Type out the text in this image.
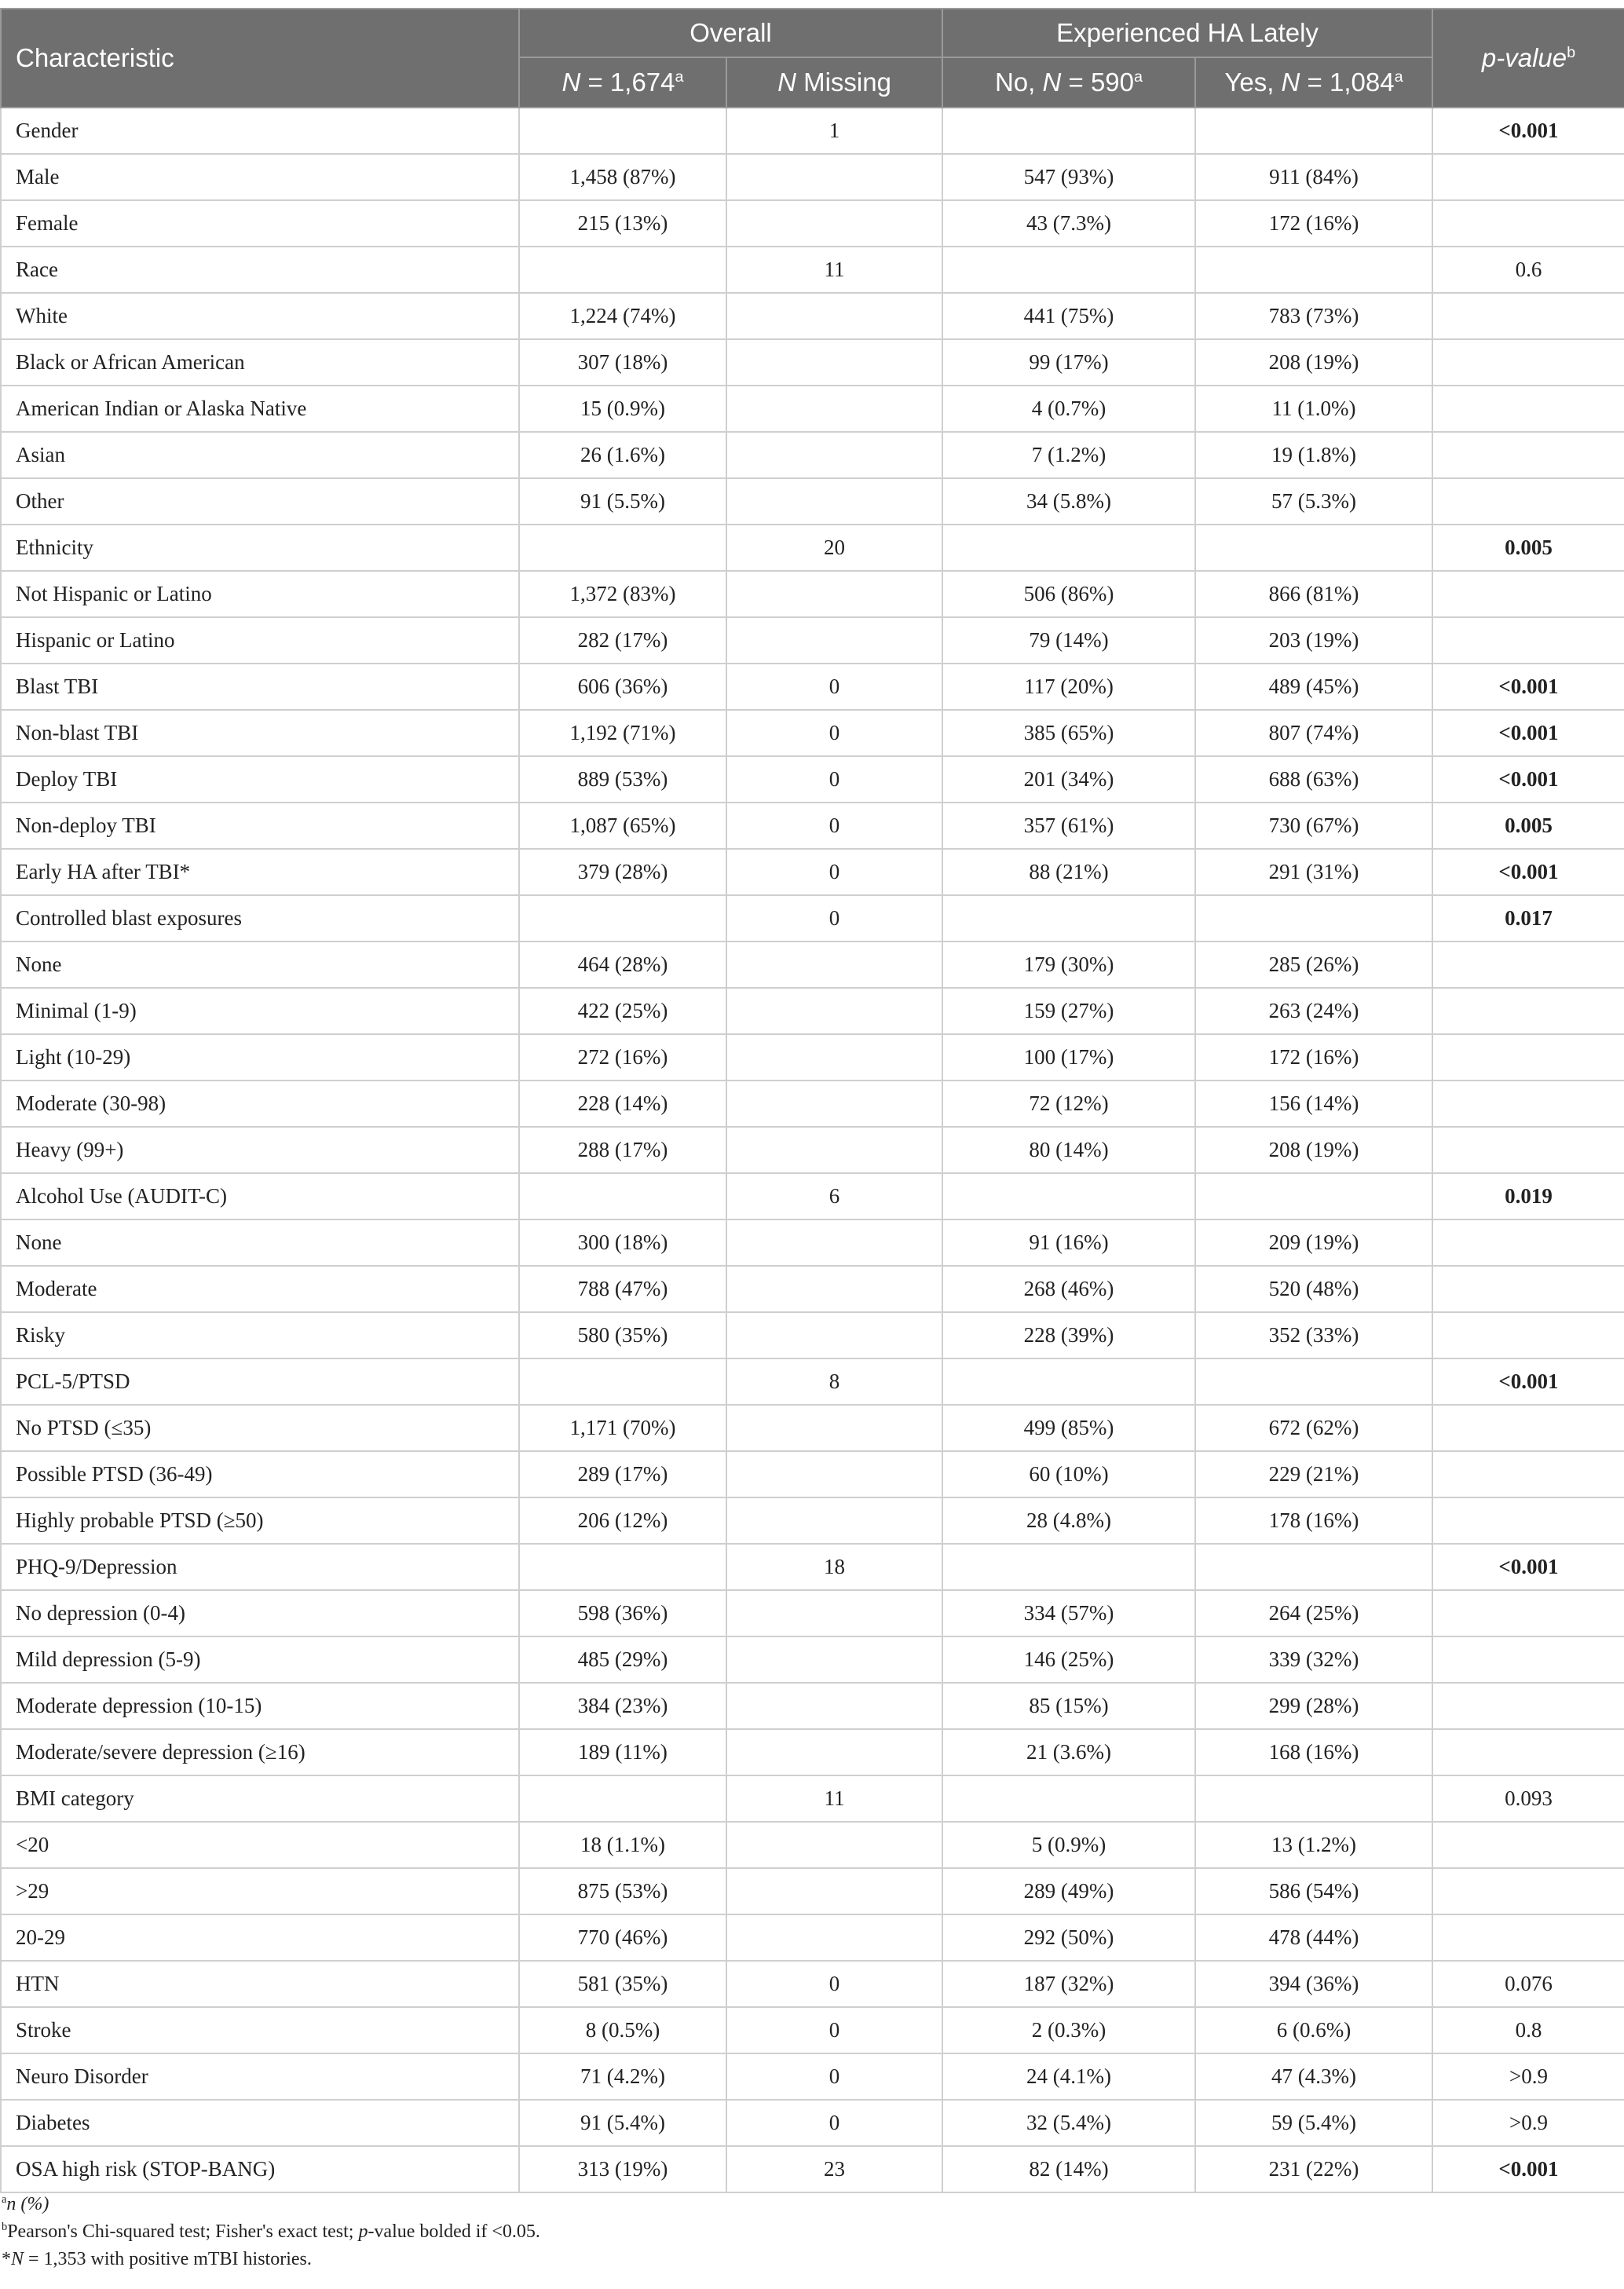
Characteristic	Overall		Experienced HA Lately		p-value$^b$
	N = 1,674$^a$	N Missing	No, $N = 590^a$	Yes, N = 1,084$^a$
Gender		1			<0.001
Male	1,458 (87%)		547 (93%)	911 (84%)	
Female	215 (13%)		43 (7.3%)	172 (16%)	
Race		11			0.6
White	1,224 (74%)		441 (75%)	783 (73%)	
Black or African American	307 (18%)		99 (17%)	208 (19%)	
American Indian or Alaska Native	15 (0.9%)		4 (0.7%)	11 (1.0%)	
Asian	26 (1.6%)		7 (1.2%)	19 (1.8%)	
Other	91 (5.5%)		34 (5.8%)	57 (5.3%)	
Ethnicity		20			0.005
Not Hispanic or Latino	1,372 (83%)		506 (86%)	866 (81%)	
Hispanic or Latino	282 (17%)		79 (14%)	203 (19%)	
Blast TBI	606 (36%)	0	117 (20%)	489 (45%)	<0.001
Non-blast TBI	1,192 (71%)	0	385 (65%)	807 (74%)	<0.001
Deploy TBI	889 (53%)	0	201 (34%)	688 (63%)	<0.001
Non-deploy TBI	1,087 (65%)	0	357 (61%)	730 (67%)	0.005
Early HA after TBI*	379 (28%)	0	88 (21%)	291 (31%)	<0.001
Controlled blast exposures		0			0.017
None	464 (28%)		179 (30%)	285 (26%)	
Minimal (1-9)	422 (25%)		159 (27%)	263 (24%)	
Light (10-29)	272 (16%)		100 (17%)	172 (16%)	
Moderate (30-98)	228 (14%)		72 (12%)	156 (14%)	
Heavy (99+)	288 (17%)		80 (14%)	208 (19%)	
Alcohol Use (AUDIT-C)		6			0.019
None	300 (18%)		91 (16%)	209 (19%)	
Moderate	788 (47%)		268 (46%)	520 (48%)	
Risky	580 (35%)		228 (39%)	352 (33%)	
PCL-5/PTSD		8			<0.001
No PTSD (≤35)	1,171 (70%)		499 (85%)	672 (62%)	
Possible PTSD (36-49)	289 (17%)		60 (10%)	229 (21%)	
Highly probable PTSD (≥50)	206 (12%)		28 (4.8%)	178 (16%)	
PHQ-9/Depression		18			<0.001
No depression (0-4)	598 (36%)		334 (57%)	264 (25%)	
Mild depression (5-9)	485 (29%)		146 (25%)	339 (32%)	
Moderate depression (10-15)	384 (23%)		85 (15%)	299 (28%)	
Moderate/severe depression (≥16)	189 (11%)		21 (3.6%)	168 (16%)	
BMI category		11			0.093
<20	18 (1.1%)		5 (0.9%)	13 (1.2%)	
>29	875 (53%)		289 (49%)	586 (54%)	
20-29	770 (46%)		292 (50%)	478 (44%)	
HTN	581 (35%)	0	187 (32%)	394 (36%)	0.076
Stroke	8 (0.5%)	0	2 (0.3%)	6 (0.6%)	0.8
Neuro Disorder	71 (4.2%)	0	24 (4.1%)	47 (4.3%)	>0.9
Diabetes	91 (5.4%)	0	32 (5.4%)	59 (5.4%)	>0.9
OSA high risk (STOP-BANG)	313 (19%)	23	82 (14%)	231 (22%)	<0.001
$^a$n (%)
$^b$Pearson's Chi-squared test; Fisher's exact test; p-value bolded if <0.05.
*N = 1,353 with positive mTBI histories.
